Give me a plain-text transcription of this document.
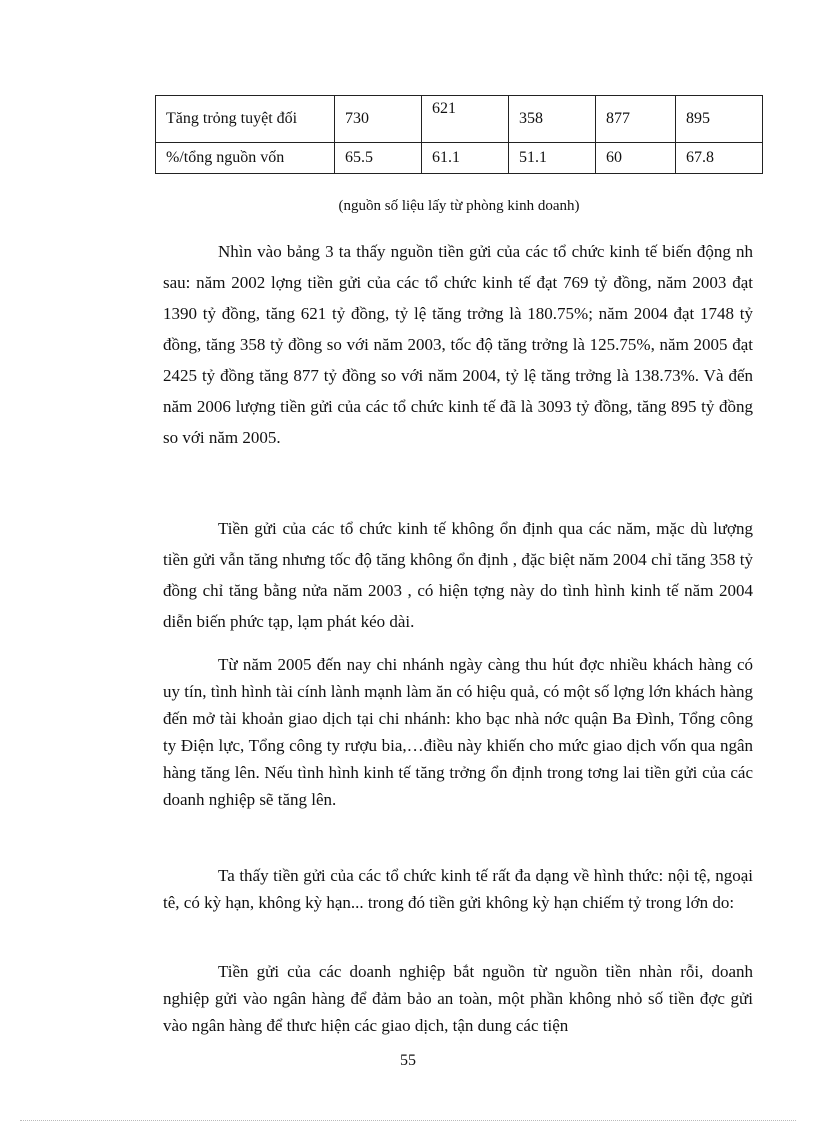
Tăng trỏng tuyệt đối	730	621	358	877	895
%/tổng nguồn vốn	65.5	61.1	51.1	60	67.8
(nguồn số liệu lấy từ phòng kinh doanh)

Nhìn vào bảng 3 ta thấy nguồn tiền gửi của các tổ chức kinh tế biến động nh sau: năm 2002 lợng tiền gửi của các tổ chức kinh tế đạt 769 tỷ đồng, năm 2003 đạt 1390 tỷ đồng, tăng 621 tỷ đồng, tỷ lệ tăng trởng là 180.75%; năm 2004 đạt 1748 tỷ đồng, tăng 358 tỷ đồng so với năm 2003, tốc độ tăng trởng là 125.75%, năm 2005 đạt 2425 tỷ đồng tăng 877 tỷ đồng so với năm 2004, tỷ lệ tăng trởng là 138.73%. Và đến năm 2006 lượng tiền gửi của các tổ chức kinh tế đã là 3093 tỷ đồng, tăng 895 tỷ đồng so với năm 2005.

Tiền gửi của các tổ chức kinh tế không ổn định qua các năm, mặc dù lượng tiền gửi vẫn tăng nhưng tốc độ tăng không ổn định , đặc biệt năm 2004 chỉ tăng 358 tỷ đồng chỉ tăng bằng nửa năm 2003 , có hiện tợng này do tình hình kinh tế năm 2004 diễn biến phức tạp, lạm phát kéo dài.

Từ năm 2005 đến nay chi nhánh ngày càng thu hút đợc nhiều khách hàng có uy tín, tình hình tài cính lành mạnh làm ăn có hiệu quả, có một số lợng lớn khách hàng đến mở tài khoản giao dịch tại chi nhánh: kho bạc nhà nớc quận Ba Đình, Tổng công ty Điện lực, Tổng công ty rượu bia,…điều này khiến cho mức giao dịch vốn qua ngân hàng tăng lên. Nếu tình hình kinh tế tăng trởng ổn định trong tơng lai tiền gửi của các doanh nghiệp sẽ tăng lên.

Ta thấy tiền gửi của các tổ chức kinh tế rất đa dạng về hình thức: nội tệ, ngoại tê, có kỳ hạn, không kỳ hạn... trong đó tiền gửi không kỳ hạn chiếm tỷ trong lớn do:

Tiền gửi của các doanh nghiệp bắt nguồn từ nguồn tiền nhàn rỗi, doanh nghiệp gửi vào ngân hàng để đảm bảo an toàn, một phần không nhỏ số tiền đợc gửi vào ngân hàng để thưc hiện các giao dịch, tận dung các tiện

55
